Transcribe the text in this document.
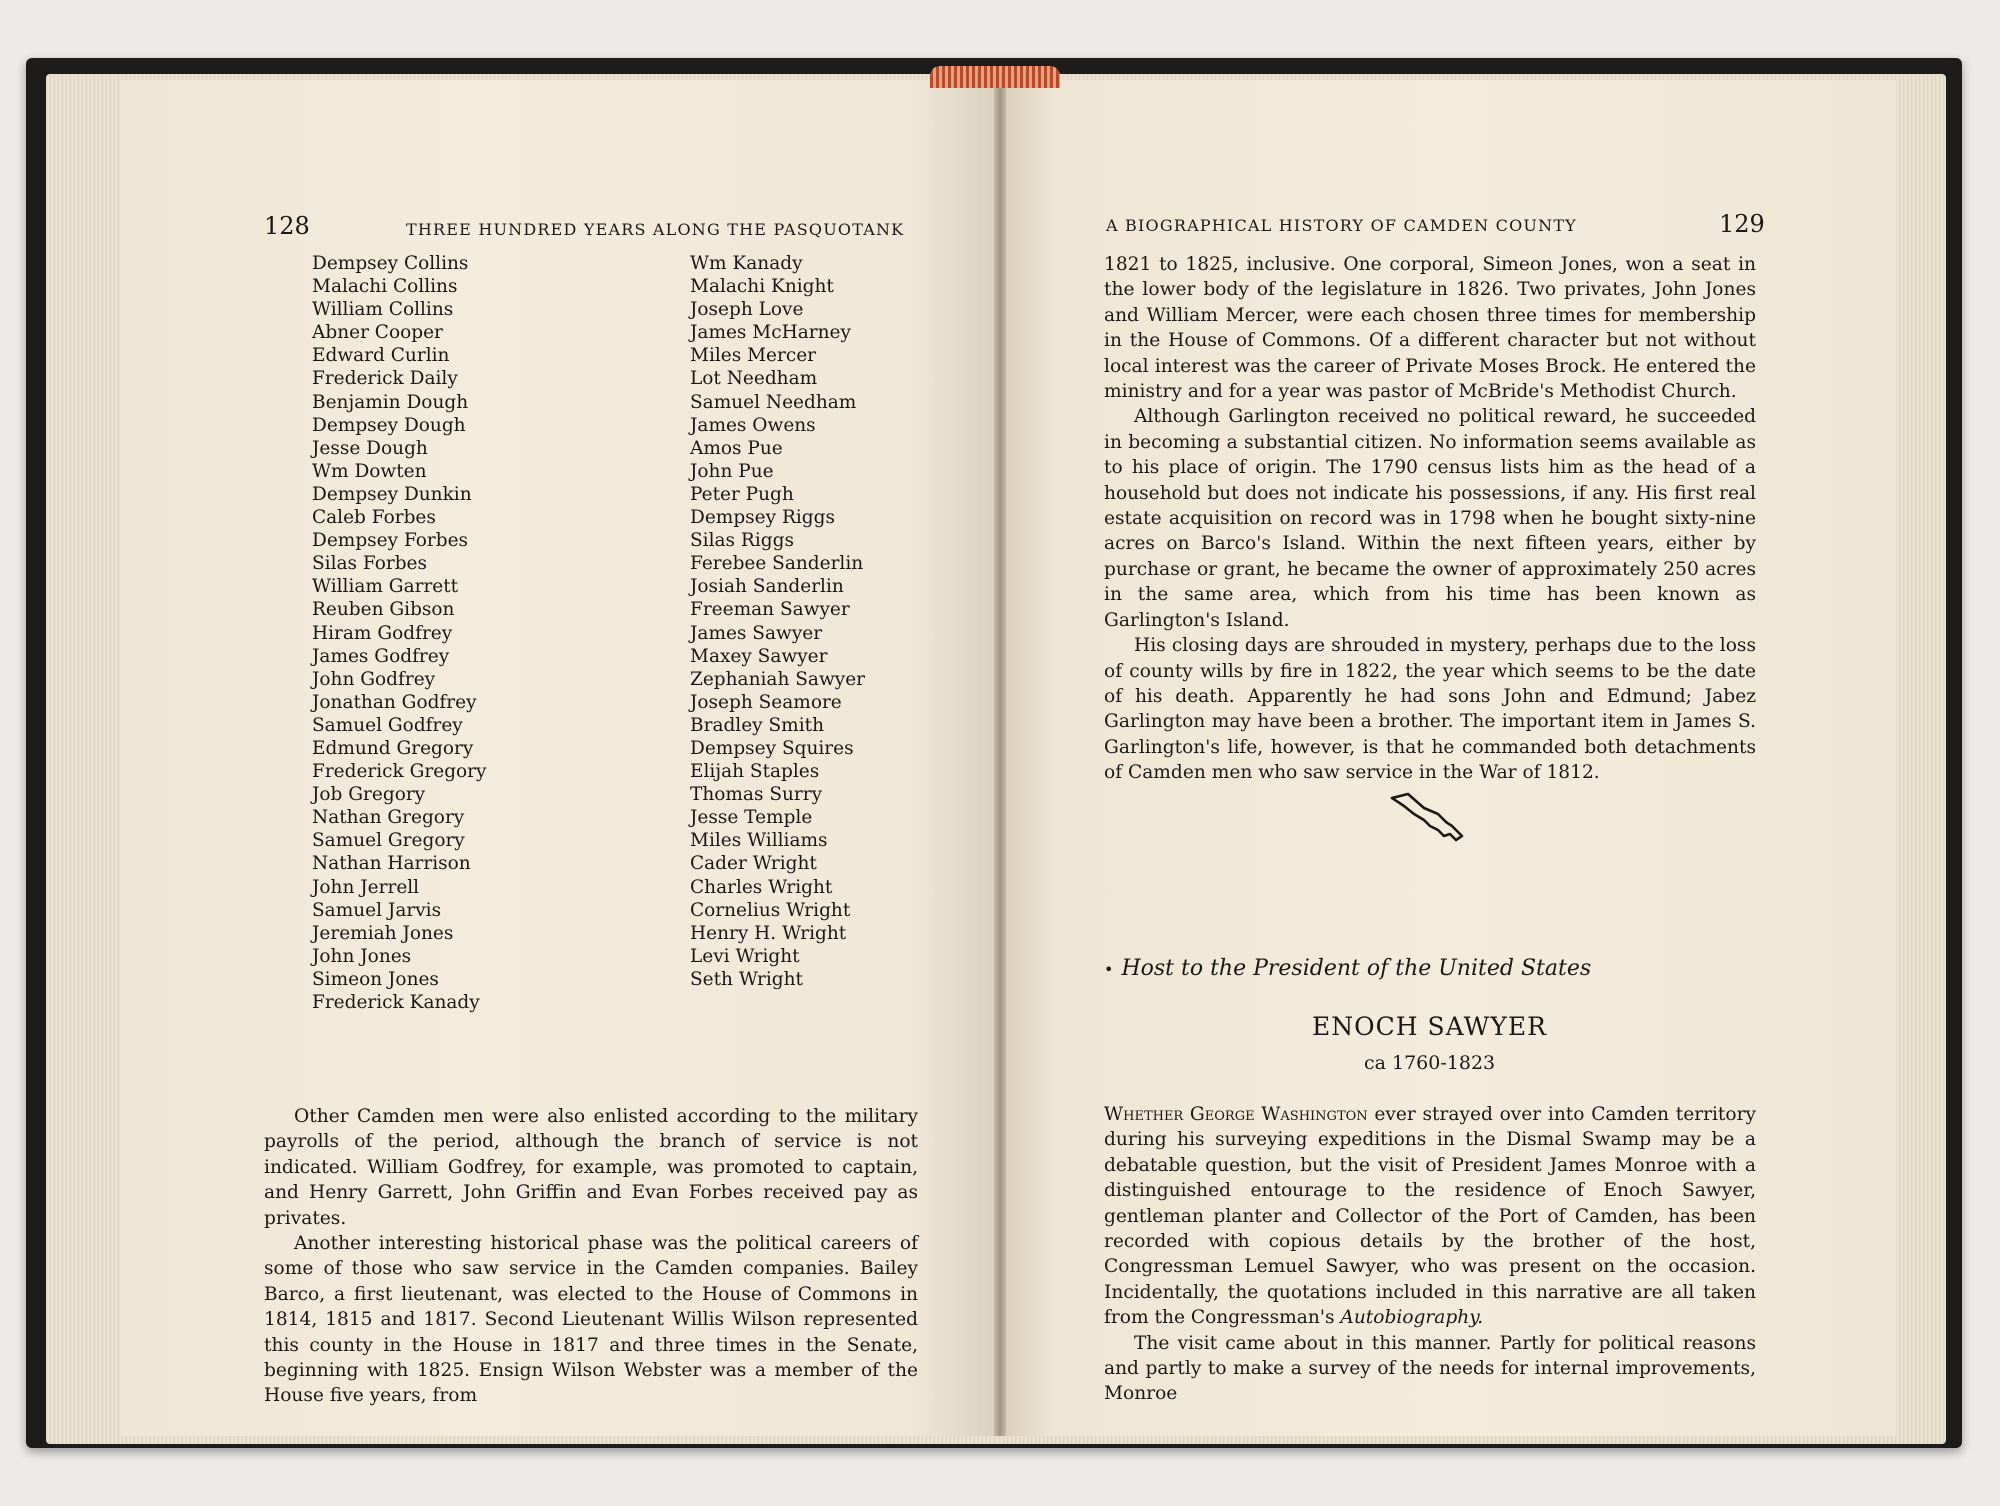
128	THREE HUNDRED YEARS ALONG THE PASQUOTANK
Dempsey Collins
Malachi Collins
William Collins
Abner Cooper
Edward Curlin
Frederick Daily
Benjamin Dough
Dempsey Dough
Jesse Dough
Wm Dowten
Dempsey Dunkin
Caleb Forbes
Dempsey Forbes
Silas Forbes
William Garrett
Reuben Gibson
Hiram Godfrey
James Godfrey
John Godfrey
Jonathan Godfrey
Samuel Godfrey
Edmund Gregory
Frederick Gregory
Job Gregory
Nathan Gregory
Samuel Gregory
Nathan Harrison
John Jerrell
Samuel Jarvis
Jeremiah Jones
John Jones
Simeon Jones
Frederick Kanady
Wm Kanady
Malachi Knight
Joseph Love
James McHarney
Miles Mercer
Lot Needham
Samuel Needham
James Owens
Amos Pue
John Pue
Peter Pugh
Dempsey Riggs
Silas Riggs
Ferebee Sanderlin
Josiah Sanderlin
Freeman Sawyer
James Sawyer
Maxey Sawyer
Zephaniah Sawyer
Joseph Seamore
Bradley Smith
Dempsey Squires
Elijah Staples
Thomas Surry
Jesse Temple
Miles Williams
Cader Wright
Charles Wright
Cornelius Wright
Henry H. Wright
Levi Wright
Seth Wright

Other Camden men were also enlisted according to the military payrolls of the period, although the branch of service is not indicated. William Godfrey, for example, was promoted to captain, and Henry Garrett, John Griffin and Evan Forbes received pay as privates.

Another interesting historical phase was the political careers of some of those who saw service in the Camden companies. Bailey Barco, a first lieutenant, was elected to the House of Commons in 1814, 1815 and 1817. Second Lieutenant Willis Wilson represented this county in the House in 1817 and three times in the Senate, beginning with 1825. Ensign Wilson Webster was a member of the House five years, from

A BIOGRAPHICAL HISTORY OF CAMDEN COUNTY	129

1821 to 1825, inclusive. One corporal, Simeon Jones, won a seat in the lower body of the legislature in 1826. Two privates, John Jones and William Mercer, were each chosen three times for membership in the House of Commons. Of a different character but not without local interest was the career of Private Moses Brock. He entered the ministry and for a year was pastor of McBride's Methodist Church.

Although Garlington received no political reward, he succeeded in becoming a substantial citizen. No information seems available as to his place of origin. The 1790 census lists him as the head of a household but does not indicate his possessions, if any. His first real estate acquisition on record was in 1798 when he bought sixty-nine acres on Barco's Island. Within the next fifteen years, either by purchase or grant, he became the owner of approximately 250 acres in the same area, which from his time has been known as Garlington's Island.

His closing days are shrouded in mystery, perhaps due to the loss of county wills by fire in 1822, the year which seems to be the date of his death. Apparently he had sons John and Edmund; Jabez Garlington may have been a brother. The important item in James S. Garlington's life, however, is that he commanded both detachments of Camden men who saw service in the War of 1812.

• Host to the President of the United States
ENOCH SAWYER
ca 1760-1823

Whether George Washington ever strayed over into Camden territory during his surveying expeditions in the Dismal Swamp may be a debatable question, but the visit of President James Monroe with a distinguished entourage to the residence of Enoch Sawyer, gentleman planter and Collector of the Port of Camden, has been recorded with copious details by the brother of the host, Congressman Lemuel Sawyer, who was present on the occasion. Incidentally, the quotations included in this narrative are all taken from the Congressman's Autobiography.

The visit came about in this manner. Partly for political reasons and partly to make a survey of the needs for internal improvements, Monroe
